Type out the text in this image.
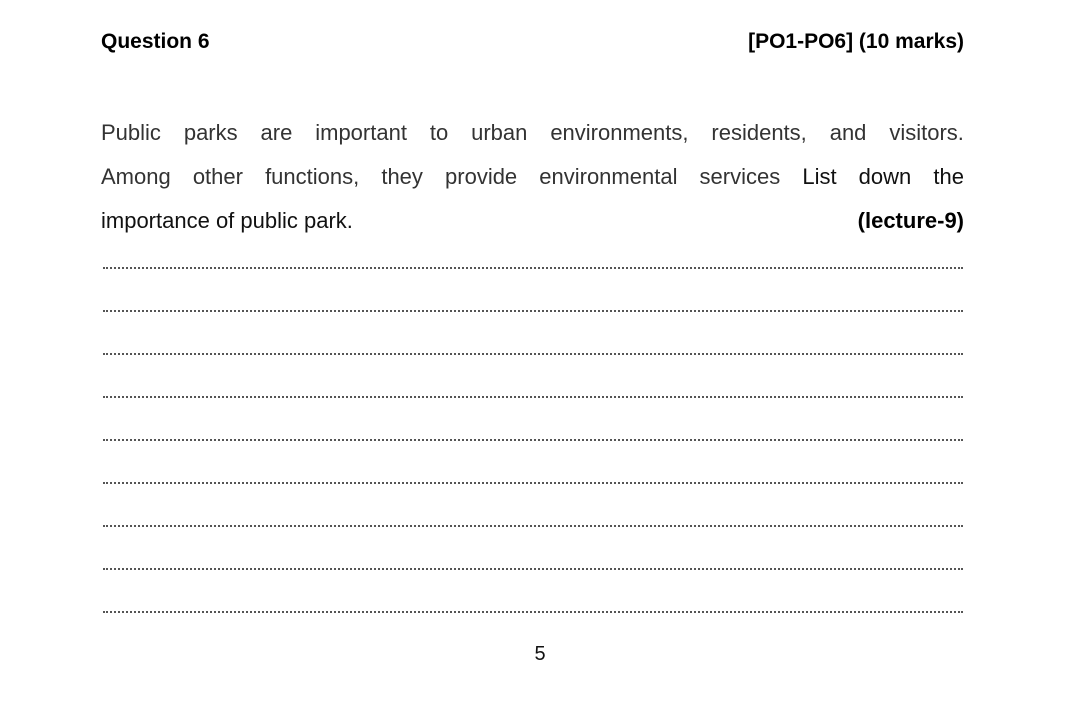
Question 6	[PO1-PO6] (10 marks)
Public parks are important to urban environments, residents, and visitors.
Among other functions, they provide environmental services List down the
importance of public park.	(lecture-9)
5
